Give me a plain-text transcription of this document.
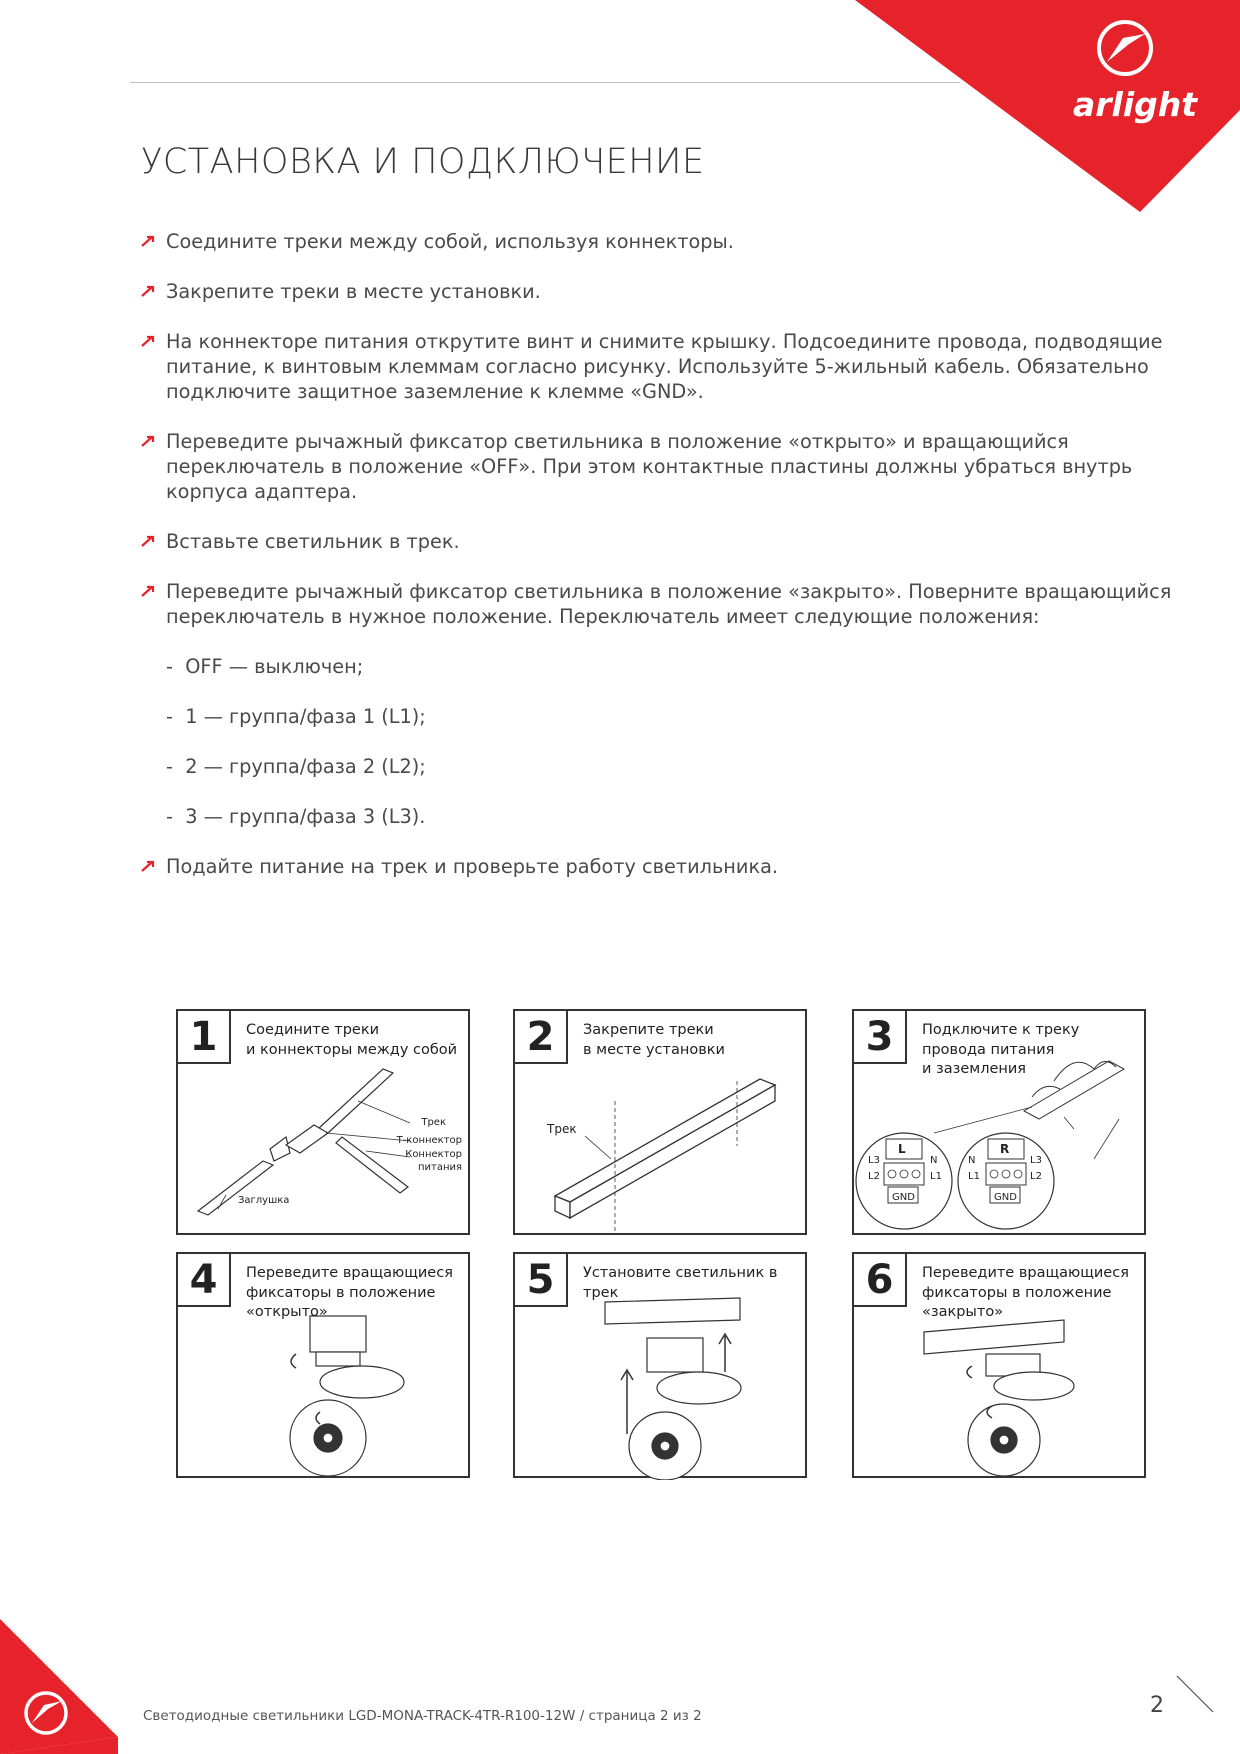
arlight
УСТАНОВКА И ПОДКЛЮЧЕНИЕ
Соедините треки между собой, используя коннекторы.
Закрепите треки в месте установки.
На коннекторе питания открутите винт и снимите крышку. Подсоедините провода, подводящие питание, к винтовым клеммам согласно рисунку. Используйте 5-жильный кабель. Обязательно подключите защитное заземление к клемме «GND».
Переведите рычажный фиксатор светильника в положение «открыто» и вращающийся переключатель в положение «OFF». При этом контактные пластины должны убраться внутрь корпуса адаптера.
Вставьте светильник в трек.
Переведите рычажный фиксатор светильника в положение «закрыто». Поверните вращающийся переключатель в нужное положение. Переключатель имеет следующие положения:
-  OFF — выключен;
-  1 — группа/фаза 1 (L1);
-  2 — группа/фаза 2 (L2);
-  3 — группа/фаза 3 (L3).
Подайте питание на трек и проверьте работу светильника.
Трек
Т-коннектор
Коннектор
питания
Заглушка
1	Соедините треки
и коннекторы между собой
Трек
2	Закрепите треки
в месте установки
L	R
L3
L2
N
L1
GND
N
L1
L3
L2
GND
3	Подключите к треку
провода питания
и заземления
4	Переведите вращающиеся
фиксаторы в положение
«открыто»
5	Установите светильник в трек	6	Переведите вращающиеся
фиксаторы в положение
«закрыто»
Светодиодные светильники LGD-MONA-TRACK-4TR-R100-12W / страница 2 из 2	2
